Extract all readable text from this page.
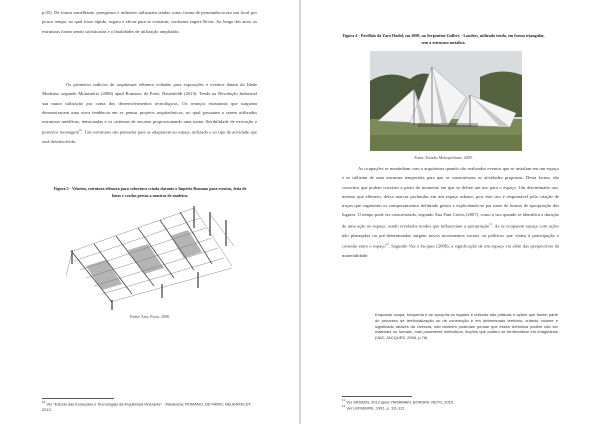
p.05). De forma semelhante, peregrinos e militares utilizaram tendas como forma de permanência em um local por pouco tempo, no qual fosse rápido, seguro e eficaz para se construir, conforme sugere Rivas. Ao longo dos anos, as estruturas foram sendo sofisticadas e a finalidades de utilização ampliadas.

Os primeiros indícios de arquitetura efêmera voltadas para exposições e eventos datam da Idade Moderna, segundo Monastério (2006) apud Romano; de Paris; Neuenfeldt (2013). Tendo na Revolução Industrial sua maior utilização por conta dos desenvolvimentos tecnológicos. Os avanços estruturais que surgiram demonstravam uma nova tendência em se pensar projetos arquitetônicos, no qual passaram a serem utilizados estruturas metálicas, tensionadas e os sistemas de encaixe proporcionando uma maior flexibilidade de execução e posterior montagem$^{10}$. Tais estruturas são pensadas para se adaptarem ao espaço utilizado e ao tipo de atividade que será desenvolvida.

Figura 3 - Velarios, estrutura efêmera para cobertura criada durante o Império Romano para eventos, feita de lonas e cordas presas a mastros de madeira.

Fonte: Ariz; Porto, 2008.

$^{10}$ Ver "Estudo das Evoluções e Tecnologias da Arquitetura Itinerante" - Maxienzia; ROMANO; DE PARIS; NEUENFELDT, 2013.

Figura 4 - Pavilhão da Zara Hadid, em 2000, na Serpentine Gallery - Londres, utilizado tenda, em forma triangular, sem a estrutura metálica.

Fonte: Estúdio Metropolitano, 2009.

As ocupações se mantinham com a arquitetura quando são realizados eventos que se instalam em um espaço e se utilizam de uma estrutura temporária para que se construíssem as atividades propostas. Desta forma, são conceitos que podem coexistir a partir do momento em que se define um uso para o espaço. Um determinado uso, mesmo que efêmero, deixa marcas profundas em um espaço urbano, pois este uso é responsável pela criação de traços que organizam os comportamentos definindo gestos e explicitando-se por meio de formas de apropriação dos lugares. O tempo pode ser caracterizado, segundo Ana Fani Carlos (2007), como o uso quando se identifica a duração de uma ação no espaço, sendo revelados modos que influenciam a apropriação$^{11}$. As se ocuparem espaço com ações não planejadas ou pré-determinadas surgem novos movimentos sociais ou políticos que visam à participação e conexão entre o espaço$^{12}$. Segundo Vaz e Jacques (2006), a significação de um espaço vai além das perspectivas da materialidade:

Enquanto ocupa, frequenta e se apropria do lugares e culturas são práticas e ações que fazem parte do processo de territorialização ou de construção e em determinado território, criando volume e significado através da vivência, não também poderiam pensar que esses territórios podem não ser materiais ou formais, mas puramente simbólicos, ficções que podem se territorializar em imaginários (VAZ; JACQUES, 2006, p.76)

$^{11}$ Ver SASSEN, 2013 apud YAMAWAKI; BORDINI; NETO, 2015.

$^{12}$ Ver LEFEBVRE, 1991, p. 111-112.
